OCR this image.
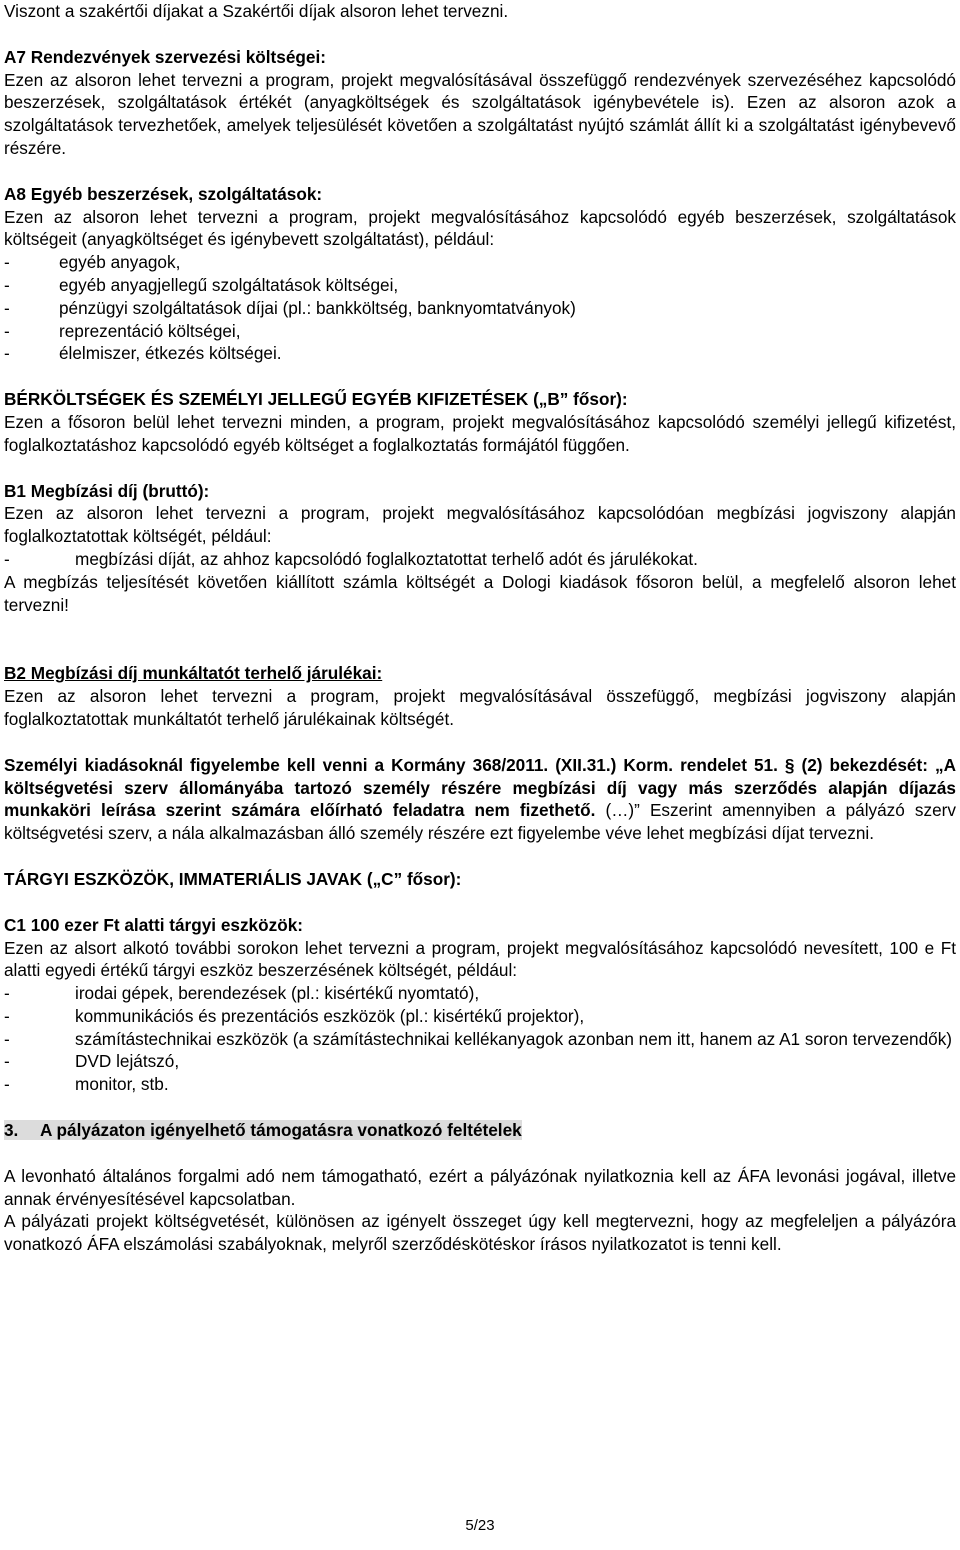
Viszont a szakértői díjakat a Szakértői díjak alsoron lehet tervezni.

A7 Rendezvények szervezési költségei:

Ezen az alsoron lehet tervezni a program, projekt megvalósításával összefüggő rendezvények szervezéséhez kapcsolódó beszerzések, szolgáltatások értékét (anyagköltségek és szolgáltatások igénybevétele is). Ezen az alsoron azok a szolgáltatások tervezhetőek, amelyek teljesülését követően a szolgáltatást nyújtó számlát állít ki a szolgáltatást igénybevevő részére.

A8 Egyéb beszerzések, szolgáltatások:

Ezen az alsoron lehet tervezni a program, projekt megvalósításához kapcsolódó egyéb beszerzések, szolgáltatások költségeit (anyagköltséget és igénybevett szolgáltatást), például:

-	egyéb anyagok,
-	egyéb anyagjellegű szolgáltatások költségei,
-	pénzügyi szolgáltatások díjai (pl.: bankköltség, banknyomtatványok)
-	reprezentáció költségei,
-	élelmiszer, étkezés költségei.

BÉRKÖLTSÉGEK ÉS SZEMÉLYI JELLEGŰ EGYÉB KIFIZETÉSEK („B” fősor):

Ezen a fősoron belül lehet tervezni minden, a program, projekt megvalósításához kapcsolódó személyi jellegű kifizetést, foglalkoztatáshoz kapcsolódó egyéb költséget a foglalkoztatás formájától függően.

B1 Megbízási díj (bruttó):

Ezen az alsoron lehet tervezni a program, projekt megvalósításához kapcsolódóan megbízási jogviszony alapján foglalkoztatottak költségét, például:

-	megbízási díját, az ahhoz kapcsolódó foglalkoztatottat terhelő adót és járulékokat.

A megbízás teljesítését követően kiállított számla költségét a Dologi kiadások fősoron belül, a megfelelő alsoron lehet tervezni!

B2 Megbízási díj munkáltatót terhelő járulékai:

Ezen az alsoron lehet tervezni a program, projekt megvalósításával összefüggő, megbízási jogviszony alapján foglalkoztatottak munkáltatót terhelő járulékainak költségét.

Személyi kiadásoknál figyelembe kell venni a Kormány 368/2011. (XII.31.) Korm. rendelet 51. § (2) bekezdését: „A költségvetési szerv állományába tartozó személy részére megbízási díj vagy más szerződés alapján díjazás munkaköri leírása szerint számára előírható feladatra nem fizethető. (…)” Eszerint amennyiben a pályázó szerv költségvetési szerv, a nála alkalmazásban álló személy részére ezt figyelembe véve lehet megbízási díjat tervezni.

TÁRGYI ESZKÖZÖK, IMMATERIÁLIS JAVAK („C” fősor):

C1 100 ezer Ft alatti tárgyi eszközök:

Ezen az alsort alkotó további sorokon lehet tervezni a program, projekt megvalósításához kapcsolódó nevesített, 100 e Ft alatti egyedi értékű tárgyi eszköz beszerzésének költségét, például:

-	irodai gépek, berendezések (pl.: kisértékű nyomtató),
-	kommunikációs és prezentációs eszközök (pl.: kisértékű projektor),

-	számítástechnikai eszközök (a számítástechnikai kellékanyagok azonban nem itt, hanem az A1 soron tervezendők)

-	DVD lejátszó,
-	monitor, stb.

3. A pályázaton igényelhető támogatásra vonatkozó feltételek

A levonható általános forgalmi adó nem támogatható, ezért a pályázónak nyilatkoznia kell az ÁFA levonási jogával, illetve annak érvényesítésével kapcsolatban.

A pályázati projekt költségvetését, különösen az igényelt összeget úgy kell megtervezni, hogy az megfeleljen a pályázóra vonatkozó ÁFA elszámolási szabályoknak, melyről szerződéskötéskor írásos nyilatkozatot is tenni kell.

5/23
